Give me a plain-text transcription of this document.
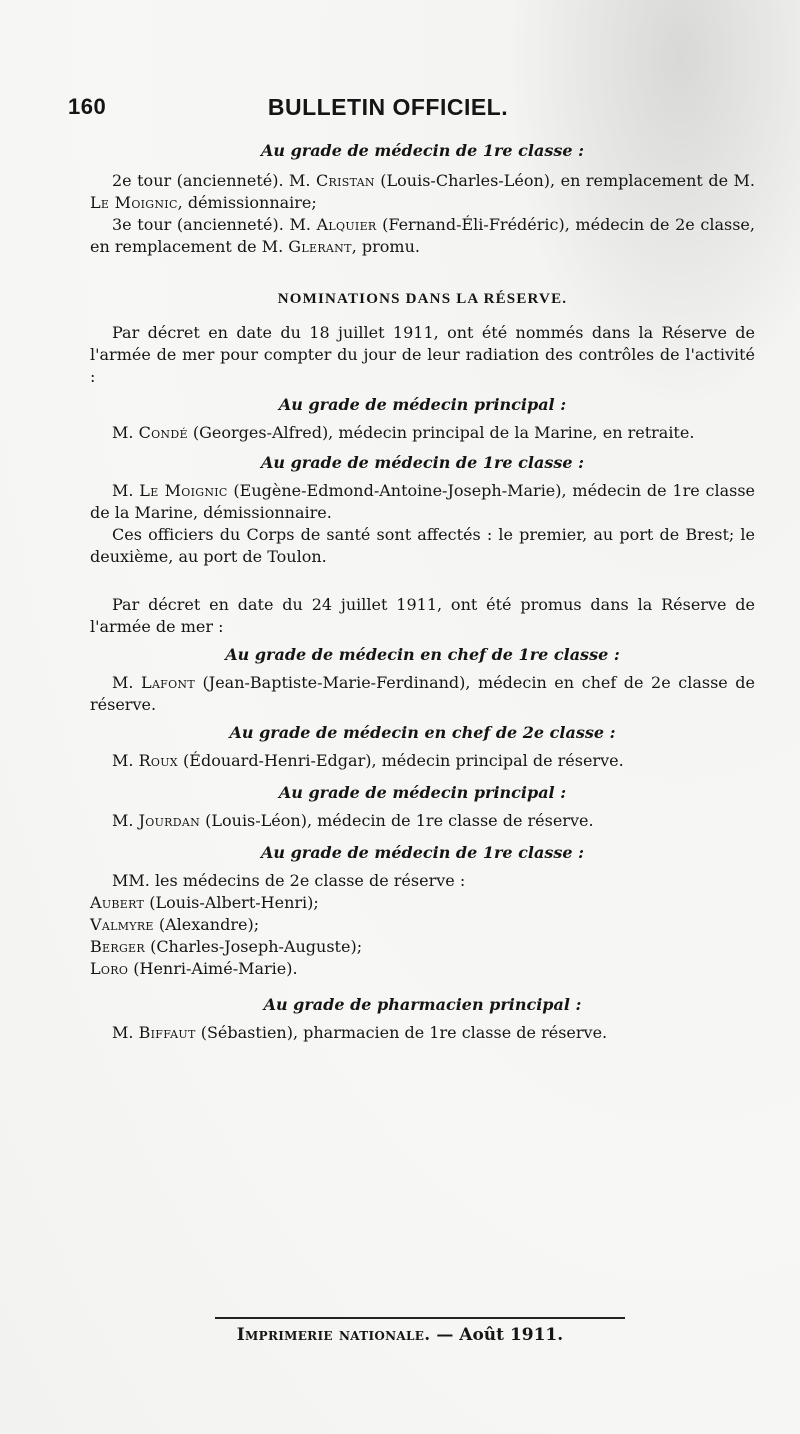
160	BULLETIN OFFICIEL.

Au grade de médecin de 1re classe :

2e tour (ancienneté). M. Cristan (Louis-Charles-Léon), en remplacement de M. Le Moignic, démissionnaire;

3e tour (ancienneté). M. Alquier (Fernand-Éli-Frédéric), médecin de 2e classe, en remplacement de M. Glerant, promu.

NOMINATIONS DANS LA RÉSERVE.

Par décret en date du 18 juillet 1911, ont été nommés dans la Réserve de l'armée de mer pour compter du jour de leur radiation des contrôles de l'activité :

Au grade de médecin principal :

M. Condé (Georges-Alfred), médecin principal de la Marine, en retraite.

Au grade de médecin de 1re classe :

M. Le Moignic (Eugène-Edmond-Antoine-Joseph-Marie), médecin de 1re classe de la Marine, démissionnaire.

Ces officiers du Corps de santé sont affectés : le premier, au port de Brest; le deuxième, au port de Toulon.

Par décret en date du 24 juillet 1911, ont été promus dans la Réserve de l'armée de mer :

Au grade de médecin en chef de 1re classe :

M. Lafont (Jean-Baptiste-Marie-Ferdinand), médecin en chef de 2e classe de réserve.

Au grade de médecin en chef de 2e classe :

M. Roux (Édouard-Henri-Edgar), médecin principal de réserve.

Au grade de médecin principal :

M. Jourdan (Louis-Léon), médecin de 1re classe de réserve.

Au grade de médecin de 1re classe :

MM. les médecins de 2e classe de réserve :

Aubert (Louis-Albert-Henri);

Valmyre (Alexandre);

Berger (Charles-Joseph-Auguste);

Loro (Henri-Aimé-Marie).

Au grade de pharmacien principal :

M. Biffaut (Sébastien), pharmacien de 1re classe de réserve.

Imprimerie nationale. — Août 1911.
